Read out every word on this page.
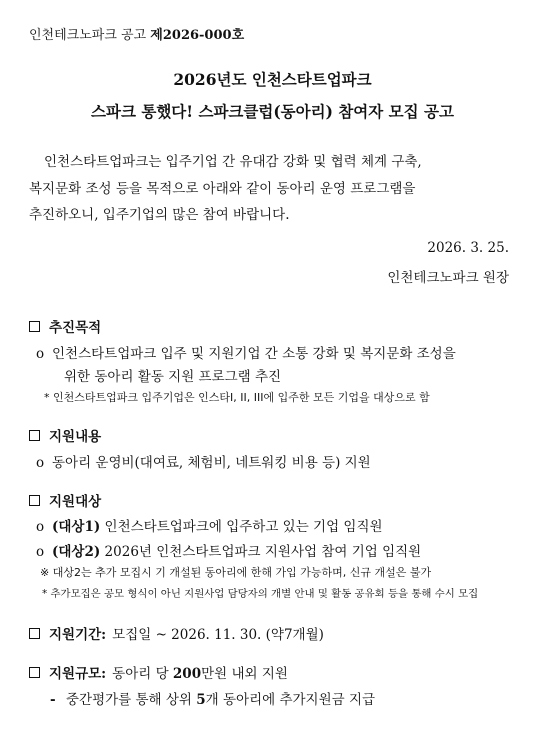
인천테크노파크 공고 제2026-000호
2026년도 인천스타트업파크
스파크 통했다! 스파크클럽(동아리) 참여자 모집 공고
인천스타트업파크는 입주기업 간 유대감 강화 및 협력 체계 구축,
복지문화 조성 등을 목적으로 아래와 같이 동아리 운영 프로그램을
추진하오니, 입주기업의 많은 참여 바랍니다.
2026. 3. 25.
인천테크노파크 원장
추진목적
o 인천스타트업파크 입주 및 지원기업 간 소통 강화 및 복지문화 조성을
위한 동아리 활동 지원 프로그램 추진
* 인천스타트업파크 입주기업은 인스타I, II, III에 입주한 모든 기업을 대상으로 함
지원내용
o 동아리 운영비(대여료, 체험비, 네트워킹 비용 등) 지원
지원대상
o (대상1) 인천스타트업파크에 입주하고 있는 기업 임직원
o (대상2) 2026년 인천스타트업파크 지원사업 참여 기업 임직원
※ 대상2는 추가 모집시 기 개설된 동아리에 한해 가입 가능하며, 신규 개설은 불가
* 추가모집은 공모 형식이 아닌 지원사업 담당자의 개별 안내 및 활동 공유회 등을 통해 수시 모집
지원기간: 모집일 ~ 2026. 11. 30. (약7개월)
지원규모: 동아리 당 200만원 내외 지원
- 중간평가를 통해 상위 5개 동아리에 추가지원금 지급
